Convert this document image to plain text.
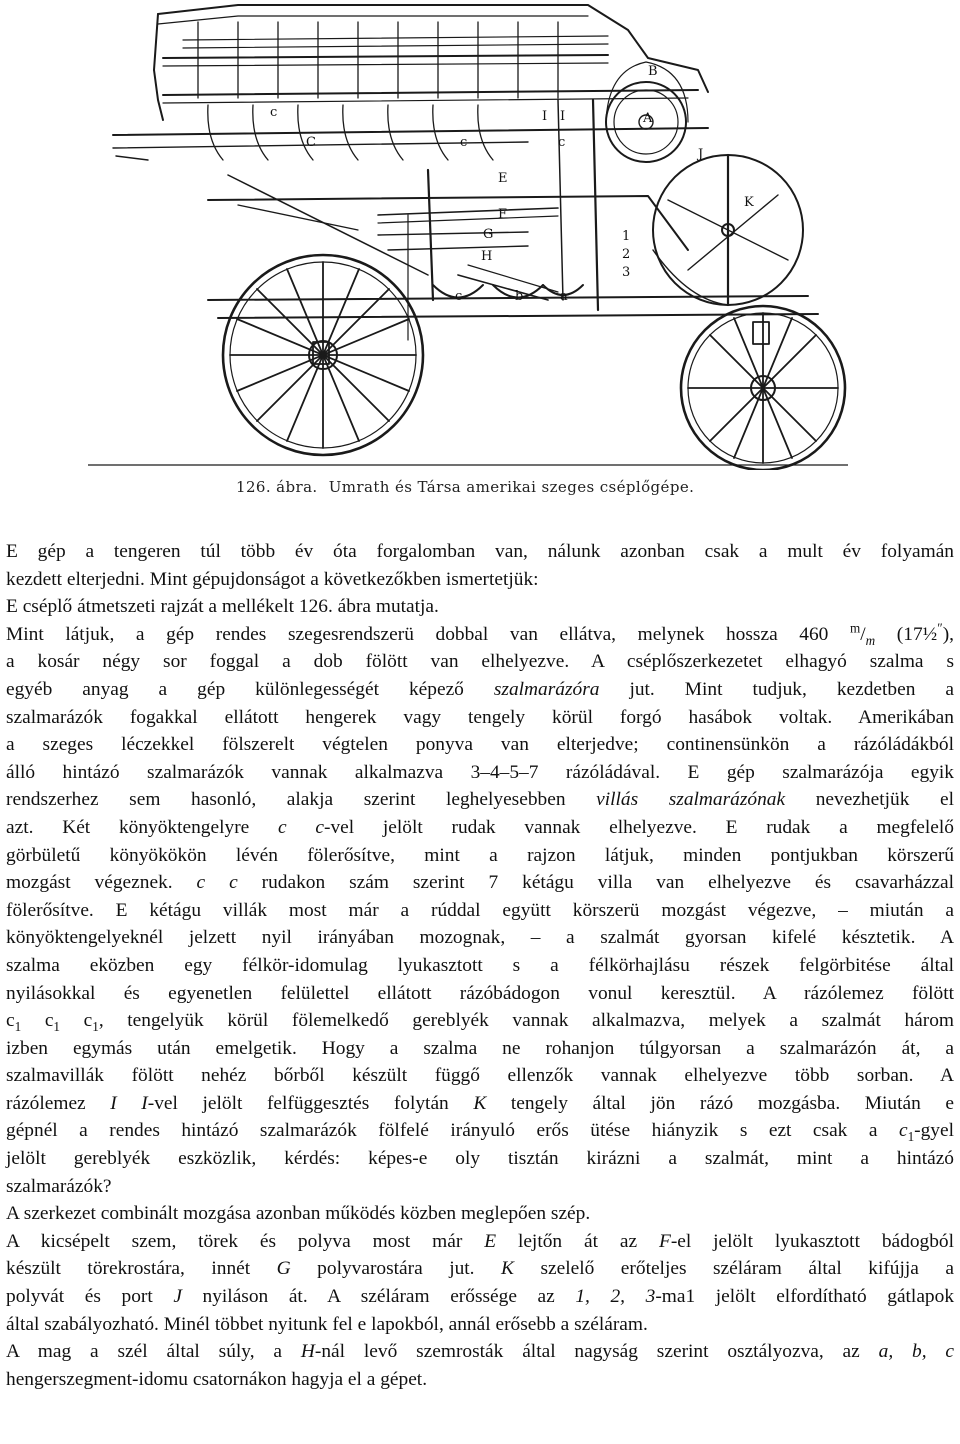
B
A
K
E
F
G
H
I I
J
C
c
c	c
c	b	a
1
2
3
126. ábra. Umrath és Társa amerikai szeges cséplőgépe.

E gép a tengeren túl több év óta forgalomban van, nálunk azonban csak a mult év folyamán
kezdett elterjedni. Mint gépujdonságot a következőkben ismertetjük:

E cséplő átmetszeti rajzát a mellékelt 126. ábra mutatja.

Mint látjuk, a gép rendes szegesrendszerü dobbal van ellátva, melynek hossza 460 $^m/_m$ (17½″),
a kosár négy sor foggal a dob fölött van elhelyezve. A cséplőszerkezetet elhagyó szalma s
egyéb anyag a gép különlegességét képező szalmarázóra jut. Mint tudjuk, kezdetben a
szalmarázók fogakkal ellátott hengerek vagy tengely körül forgó hasábok voltak. Amerikában
a szeges léczekkel fölszerelt végtelen ponyva van elterjedve; continensünkön a rázóládákból
álló hintázó szalmarázók vannak alkalmazva 3–4–5–7 rázóládával. E gép szalmarázója egyik
rendszerhez sem hasonló, alakja szerint leghelyesebben villás szalmarázónak nevezhetjük el
azt. Két könyöktengelyre c c-vel jelölt rudak vannak elhelyezve. E rudak a megfelelő
görbületű könyökökön lévén fölerősítve, mint a rajzon látjuk, minden pontjukban körszerű
mozgást végeznek. c c rudakon szám szerint 7 kétágu villa van elhelyezve és csavarházzal
fölerősítve. E kétágu villák most már a rúddal együtt körszerü mozgást végezve, – miután a
könyöktengelyeknél jelzett nyil irányában mozognak, – a szalmát gyorsan kifelé késztetik. A
szalma eközben egy félkör-idomulag lyukasztott s a félkörhajlásu részek felgörbitése által
nyilásokkal és egyenetlen felülettel ellátott rázóbádogon vonul keresztül. A rázólemez fölött
$c_1$ $c_1$ $c_1$, tengelyük körül fölemelkedő gereblyék vannak alkalmazva, melyek a szalmát három
izben egymás után emelgetik. Hogy a szalma ne rohanjon túlgyorsan a szalmarázón át, a
szalmavillák fölött nehéz bőrből készült függő ellenzők vannak elhelyezve több sorban. A
rázólemez I I-vel jelölt felfüggesztés folytán K tengely által jön rázó mozgásba. Miután e
gépnél a rendes hintázó szalmarázók fölfelé irányuló erős ütése hiányzik s ezt csak a $c_1$-gyel
jelölt gereblyék eszközlik, kérdés: képes-e oly tisztán kirázni a szalmát, mint a hintázó
szalmarázók?

A szerkezet combinált mozgása azonban működés közben meglepően szép.

A kicsépelt szem, törek és polyva most már E lejtőn át az F-el jelölt lyukasztott bádogból
készült törekrostára, innét G polyvarostára jut. K szelelő erőteljes széláram által kifújja a
polyvát és port J nyiláson át. A széláram erőssége az 1, 2, 3-ma1 jelölt elfordítható gátlapok
által szabályozható. Minél többet nyitunk fel e lapokból, annál erősebb a széláram.

A mag a szél által súly, a H-nál levő szemrosták által nagyság szerint osztályozva, az a, b, c
hengerszegment-idomu csatornákon hagyja el a gépet.
